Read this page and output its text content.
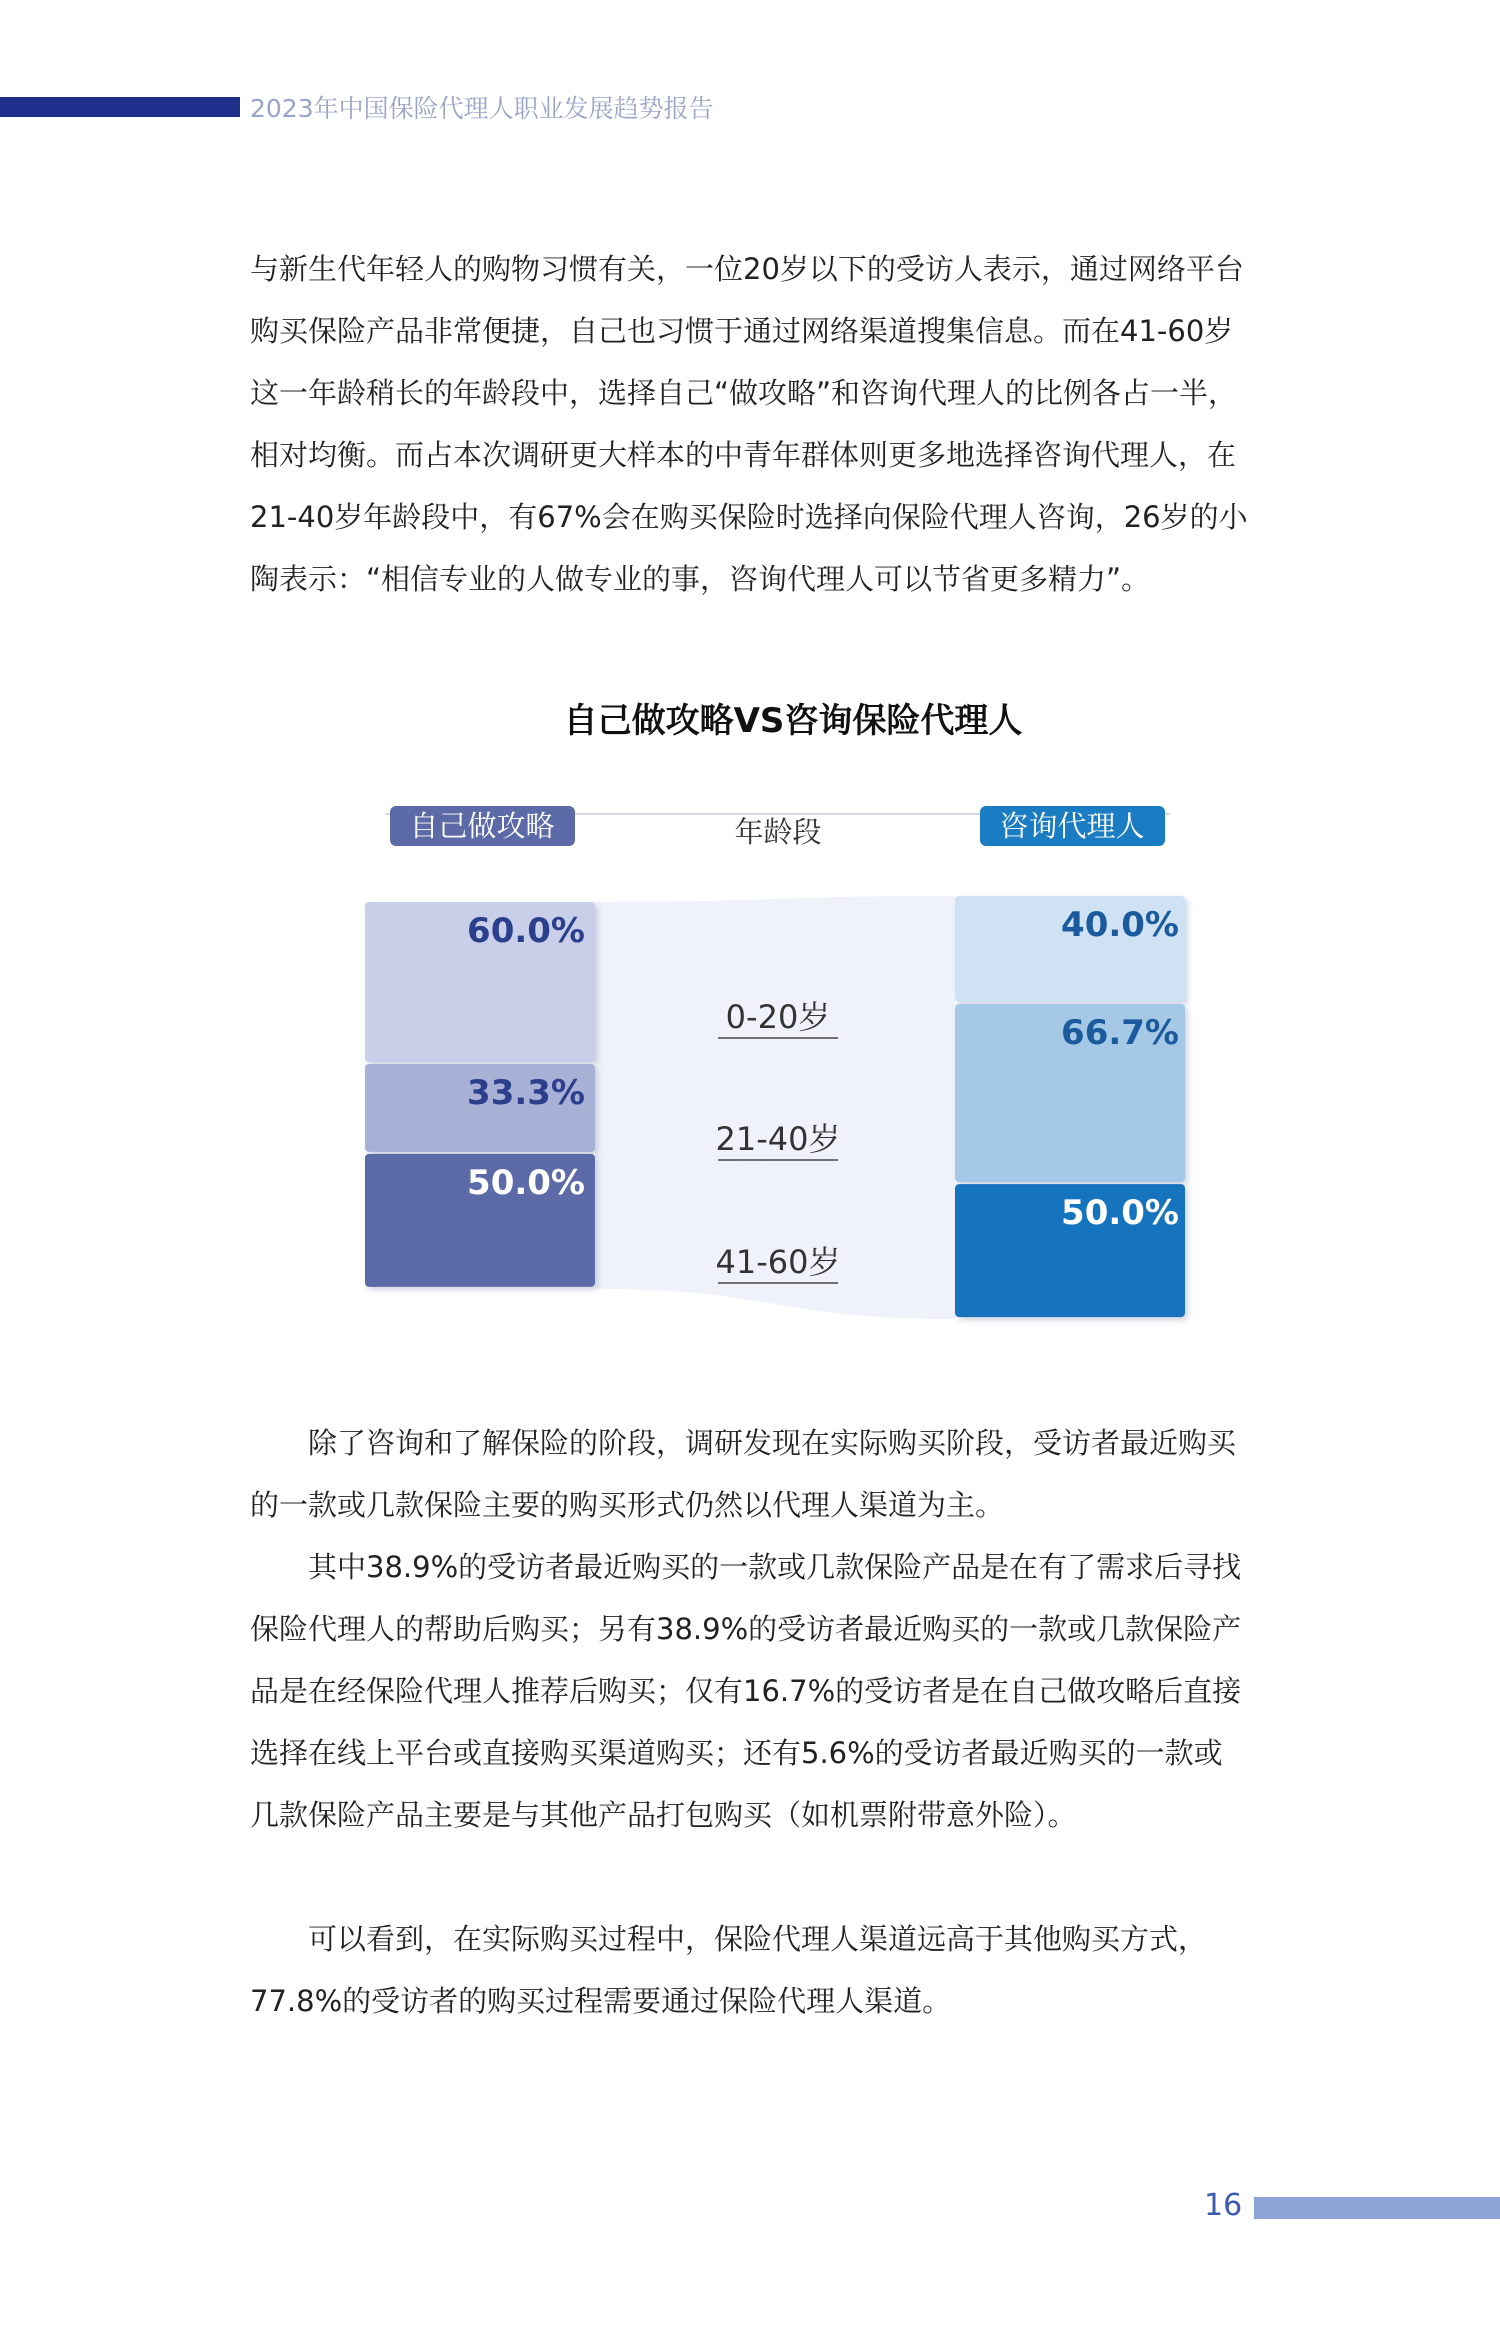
2023年中国保险代理人职业发展趋势报告

与新生代年轻人的购物习惯有关，一位20岁以下的受访人表示，通过网络平台购买保险产品非常便捷，自己也习惯于通过网络渠道搜集信息。而在41-60岁这一年龄稍长的年龄段中，选择自己“做攻略”和咨询代理人的比例各占一半，相对均衡。而占本次调研更大样本的中青年群体则更多地选择咨询代理人，在21-40岁年龄段中，有67%会在购买保险时选择向保险代理人咨询，26岁的小陶表示：“相信专业的人做专业的事，咨询代理人可以节省更多精力”。

自己做攻略VS咨询保险代理人
自己做攻略	咨询代理人
年龄段
60.0%
33.3%
50.0%
40.0%
66.7%
50.0%
0-20岁
21-40岁
41-60岁

除了咨询和了解保险的阶段，调研发现在实际购买阶段，受访者最近购买的一款或几款保险主要的购买形式仍然以代理人渠道为主。

其中38.9%的受访者最近购买的一款或几款保险产品是在有了需求后寻找保险代理人的帮助后购买；另有38.9%的受访者最近购买的一款或几款保险产品是在经保险代理人推荐后购买；仅有16.7%的受访者是在自己做攻略后直接选择在线上平台或直接购买渠道购买；还有5.6%的受访者最近购买的一款或几款保险产品主要是与其他产品打包购买（如机票附带意外险）。

可以看到，在实际购买过程中，保险代理人渠道远高于其他购买方式，77.8%的受访者的购买过程需要通过保险代理人渠道。

16
